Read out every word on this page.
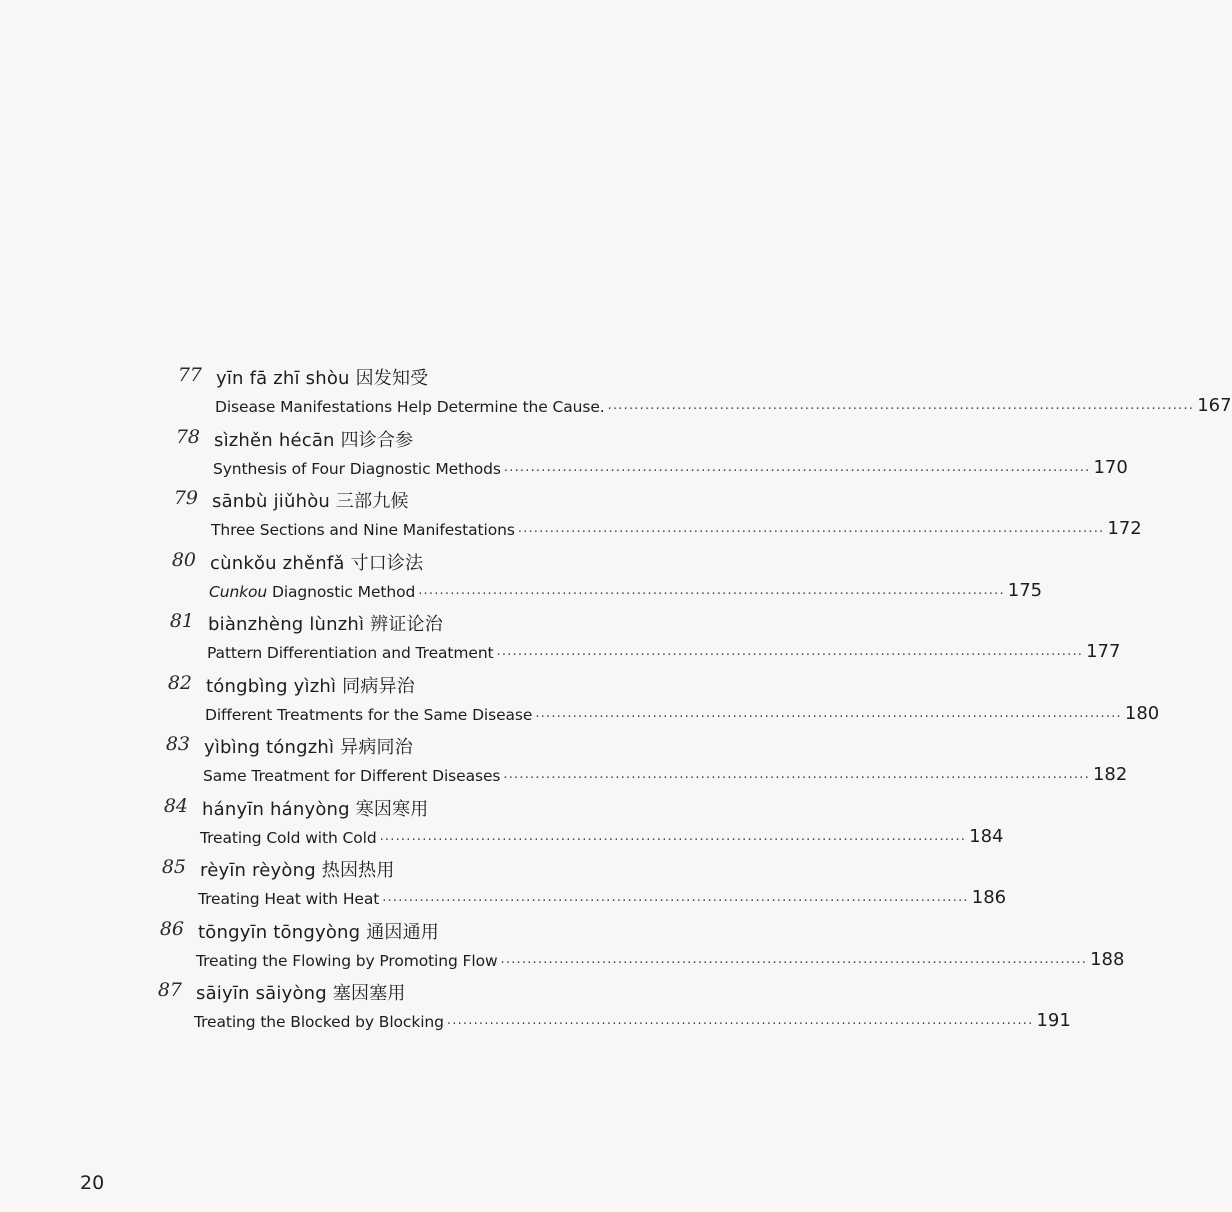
77 yīn fā zhī shòu 因发知受
Disease Manifestations Help Determine the Cause. .............................................................................................................. 167
78 sìzhěn hécān 四诊合参
Synthesis of Four Diagnostic Methods .............................................................................................................. 170
79 sānbù jiǔhòu 三部九候
Three Sections and Nine Manifestations .............................................................................................................. 172
80 cùnkǒu zhěnfǎ 寸口诊法
Cunkou Diagnostic Method .............................................................................................................. 175
81 biànzhèng lùnzhì 辨证论治
Pattern Differentiation and Treatment .............................................................................................................. 177
82 tóngbìng yìzhì 同病异治
Different Treatments for the Same Disease .............................................................................................................. 180
83 yìbìng tóngzhì 异病同治
Same Treatment for Different Diseases .............................................................................................................. 182
84 hányīn hányòng 寒因寒用
Treating Cold with Cold .............................................................................................................. 184
85 rèyīn rèyòng 热因热用
Treating Heat with Heat .............................................................................................................. 186
86 tōngyīn tōngyòng 通因通用
Treating the Flowing by Promoting Flow .............................................................................................................. 188
87 sāiyīn sāiyòng 塞因塞用
Treating the Blocked by Blocking .............................................................................................................. 191
20
